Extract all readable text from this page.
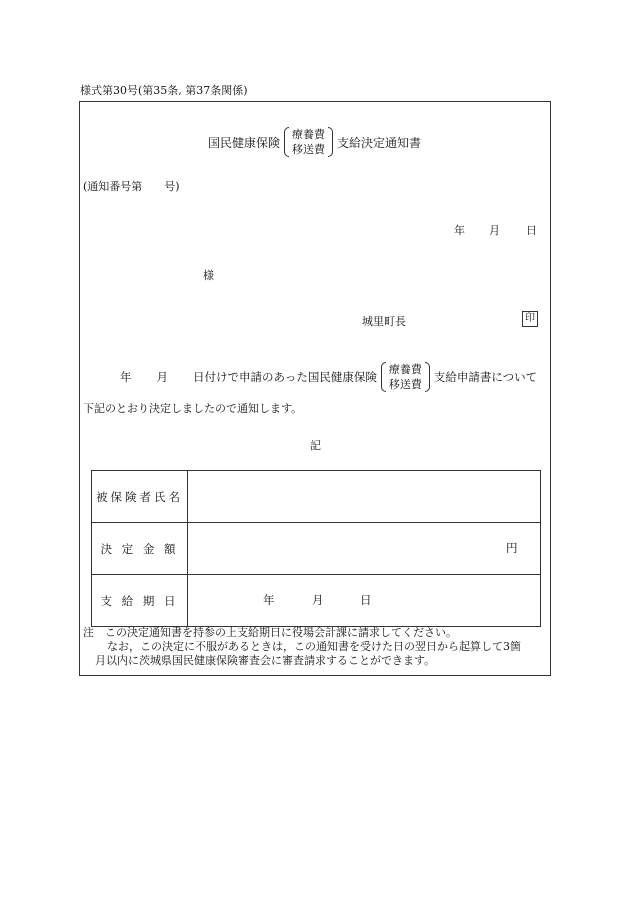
様式第30号(第35条, 第37条関係)
国民健康保険
療養費
移送費 支給決定通知書
(通知番号第　　号)
年 月 日
様
城里町長	印
年 月 日付けで申請のあった国民健康保険
療養費
移送費
支給申請書について
下記のとおり決定しましたので通知します。
記
被保険者氏名	
決 定 金 額	円

支 給 期 日	年 月 日
注　この決定通知書を持参の上支給期日に役場会計課に請求してください。
なお，この決定に不服があるときは，この通知書を受けた日の翌日から起算して3箇
月以内に茨城県国民健康保険審査会に審査請求することができます。
